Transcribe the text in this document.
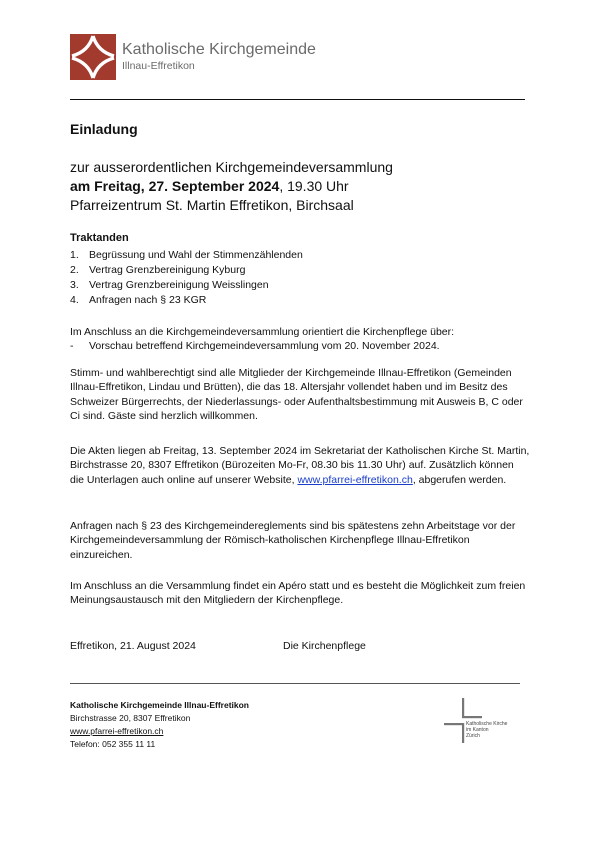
Katholische Kirchgemeinde
Illnau-Effretikon
Einladung
zur ausserordentlichen Kirchgemeindeversammlung
am Freitag, 27. September 2024, 19.30 Uhr
Pfarreizentrum St. Martin Effretikon, Birchsaal
Traktanden
1. Begrüssung und Wahl der Stimmenzählenden
2. Vertrag Grenzbereinigung Kyburg
3. Vertrag Grenzbereinigung Weisslingen
4. Anfragen nach § 23 KGR
Im Anschluss an die Kirchgemeindeversammlung orientiert die Kirchenpflege über:
-	Vorschau betreffend Kirchgemeindeversammlung vom 20. November 2024.
Stimm- und wahlberechtigt sind alle Mitglieder der Kirchgemeinde Illnau-Effretikon (Gemeinden Illnau-Effretikon, Lindau und Brütten), die das 18. Altersjahr vollendet haben und im Besitz des Schweizer Bürgerrechts, der Niederlassungs- oder Aufenthaltsbestimmung mit Ausweis B, C oder Ci sind. Gäste sind herzlich willkommen.
Die Akten liegen ab Freitag, 13. September 2024 im Sekretariat der Katholischen Kirche St. Martin, Birchstrasse 20, 8307 Effretikon (Bürozeiten Mo-Fr, 08.30 bis 11.30 Uhr) auf. Zusätzlich können die Unterlagen auch online auf unserer Website, www.pfarrei-effretikon.ch, abgerufen werden.
Anfragen nach § 23 des Kirchgemeindereglements sind bis spätestens zehn Arbeitstage vor der Kirchgemeindeversammlung der Römisch-katholischen Kirchenpflege Illnau-Effretikon einzureichen.
Im Anschluss an die Versammlung findet ein Apéro statt und es besteht die Möglichkeit zum freien Meinungsaustausch mit den Mitgliedern der Kirchenpflege.
Effretikon, 21. August 2024	Die Kirchenpflege
Katholische Kirchgemeinde Illnau-Effretikon
Birchstrasse 20, 8307 Effretikon
www.pfarrei-effretikon.ch
Telefon: 052 355 11 11
Katholische Kirche
im Kanton
Zürich
